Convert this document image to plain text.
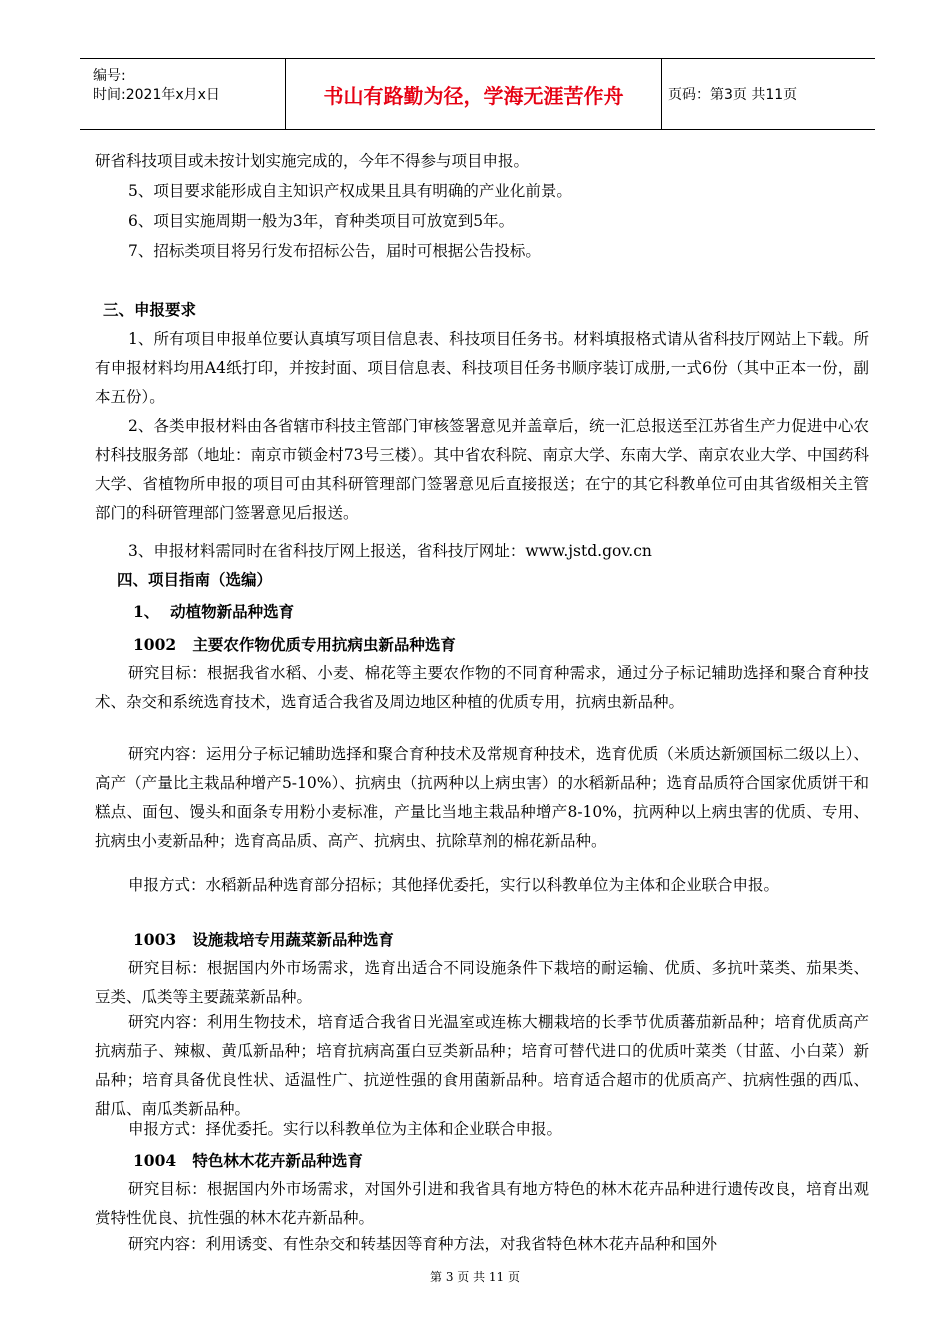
编号:
时间:2021年x月x日	书山有路勤为径，学海无涯苦作舟	页码：第3页 共11页

研省科技项目或未按计划实施完成的，今年不得参与项目申报。

5、项目要求能形成自主知识产权成果且具有明确的产业化前景。

6、项目实施周期一般为3年，育种类项目可放宽到5年。

7、招标类项目将另行发布招标公告，届时可根据公告投标。

三、申报要求

1、所有项目申报单位要认真填写项目信息表、科技项目任务书。材料填报格式请从省科技厅网站上下载。所有申报材料均用A4纸打印，并按封面、项目信息表、科技项目任务书顺序装订成册,一式6份（其中正本一份，副本五份）。

2、各类申报材料由各省辖市科技主管部门审核签署意见并盖章后，统一汇总报送至江苏省生产力促进中心农村科技服务部（地址：南京市锁金村73号三楼）。其中省农科院、南京大学、东南大学、南京农业大学、中国药科大学、省植物所申报的项目可由其科研管理部门签署意见后直接报送；在宁的其它科教单位可由其省级相关主管部门的科研管理部门签署意见后报送。

3、申报材料需同时在省科技厅网上报送，省科技厅网址：www.jstd.gov.cn

四、项目指南（选编）
1、  动植物新品种选育
1002   主要农作物优质专用抗病虫新品种选育

研究目标：根据我省水稻、小麦、棉花等主要农作物的不同育种需求，通过分子标记辅助选择和聚合育种技术、杂交和系统选育技术，选育适合我省及周边地区种植的优质专用，抗病虫新品种。

研究内容：运用分子标记辅助选择和聚合育种技术及常规育种技术，选育优质（米质达新颁国标二级以上）、高产（产量比主栽品种增产5-10%）、抗病虫（抗两种以上病虫害）的水稻新品种；选育品质符合国家优质饼干和糕点、面包、馒头和面条专用粉小麦标准，产量比当地主栽品种增产8-10%，抗两种以上病虫害的优质、专用、抗病虫小麦新品种；选育高品质、高产、抗病虫、抗除草剂的棉花新品种。

申报方式：水稻新品种选育部分招标；其他择优委托，实行以科教单位为主体和企业联合申报。

1003   设施栽培专用蔬菜新品种选育

研究目标：根据国内外市场需求，选育出适合不同设施条件下栽培的耐运输、优质、多抗叶菜类、茄果类、豆类、瓜类等主要蔬菜新品种。

研究内容：利用生物技术，培育适合我省日光温室或连栋大棚栽培的长季节优质蕃茄新品种；培育优质高产抗病茄子、辣椒、黄瓜新品种；培育抗病高蛋白豆类新品种；培育可替代进口的优质叶菜类（甘蓝、小白菜）新品种；培育具备优良性状、适温性广、抗逆性强的食用菌新品种。培育适合超市的优质高产、抗病性强的西瓜、甜瓜、南瓜类新品种。

申报方式：择优委托。实行以科教单位为主体和企业联合申报。

1004   特色林木花卉新品种选育

研究目标：根据国内外市场需求，对国外引进和我省具有地方特色的林木花卉品种进行遗传改良，培育出观赏特性优良、抗性强的林木花卉新品种。

研究内容：利用诱变、有性杂交和转基因等育种方法，对我省特色林木花卉品种和国外

第 3 页 共 11 页
